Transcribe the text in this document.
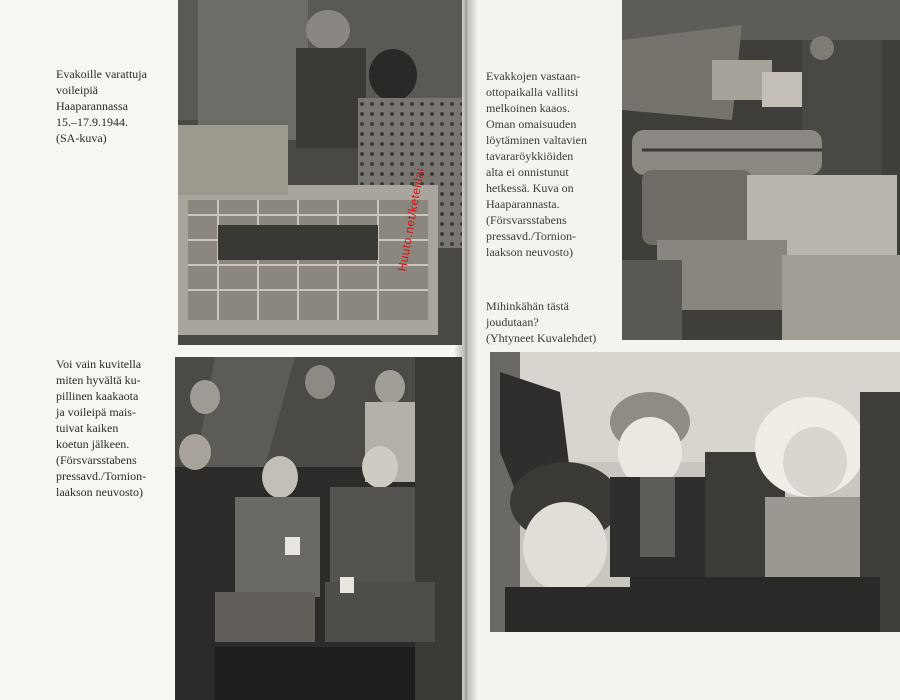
Evakoille varattuja
voileipiä
Haaparannassa
15.–17.9.1944.
(SA-kuva)

Voi vain kuvitella
miten hyvältä ku-
pillinen kaakaota
ja voileipä mais-
tuivat kaiken
koetun jälkeen.
(Försvarsstabens
pressavd./Tornion-
laakson neuvosto)

Evakkojen vastaan-
ottopaikalla vallitsi
melkoinen kaaos.
Oman omaisuuden
löytäminen valtavien
tavararöykkiöiden
alta ei onnistunut
hetkessä. Kuva on
Haaparannasta.
(Försvarsstabens
pressavd./Tornion-
laakson neuvosto)

Mihinkähän tästä
joudutaan?
(Yhtyneet Kuvalehdet)

Huuto.net/ketelilai
